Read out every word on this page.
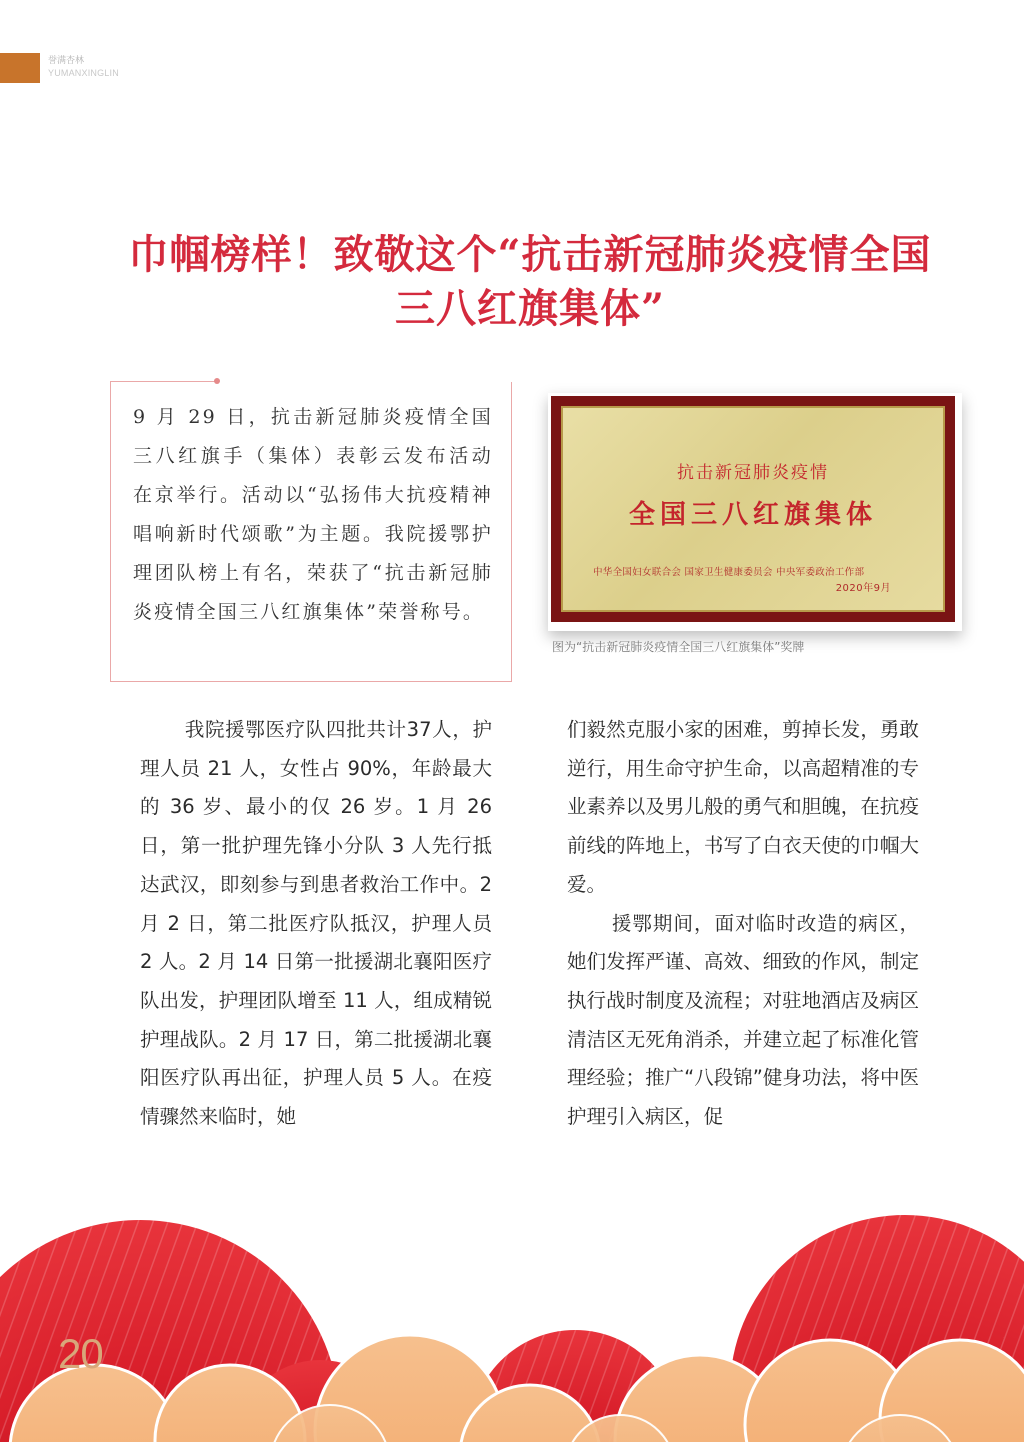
誉满杏林
YUMANXINGLIN
巾帼榜样！致敬这个“抗击新冠肺炎疫情全国
三八红旗集体”
9 月 29 日，抗击新冠肺炎疫情全国三八红旗手（集体）表彰云发布活动在京举行。活动以“弘扬伟大抗疫精神唱响新时代颂歌”为主题。我院援鄂护理团队榜上有名，荣获了“抗击新冠肺炎疫情全国三八红旗集体”荣誉称号。
抗击新冠肺炎疫情
全国三八红旗集体
中华全国妇女联合会 国家卫生健康委员会 中央军委政治工作部
2020年9月
图为“抗击新冠肺炎疫情全国三八红旗集体”奖牌

我院援鄂医疗队四批共计37人，护理人员 21 人，女性占 90%，年龄最大的 36 岁、最小的仅 26 岁。1 月 26 日，第一批护理先锋小分队 3 人先行抵达武汉，即刻参与到患者救治工作中。2 月 2 日，第二批医疗队抵汉，护理人员 2 人。2 月 14 日第一批援湖北襄阳医疗队出发，护理团队增至 11 人，组成精锐护理战队。2 月 17 日，第二批援湖北襄阳医疗队再出征，护理人员 5 人。在疫情骤然来临时，她

们毅然克服小家的困难，剪掉长发，勇敢逆行，用生命守护生命，以高超精准的专业素养以及男儿般的勇气和胆魄，在抗疫前线的阵地上，书写了白衣天使的巾帼大爱。

援鄂期间，面对临时改造的病区，她们发挥严谨、高效、细致的作风，制定执行战时制度及流程；对驻地酒店及病区清洁区无死角消杀，并建立起了标准化管理经验；推广“八段锦”健身功法，将中医护理引入病区，促

20
